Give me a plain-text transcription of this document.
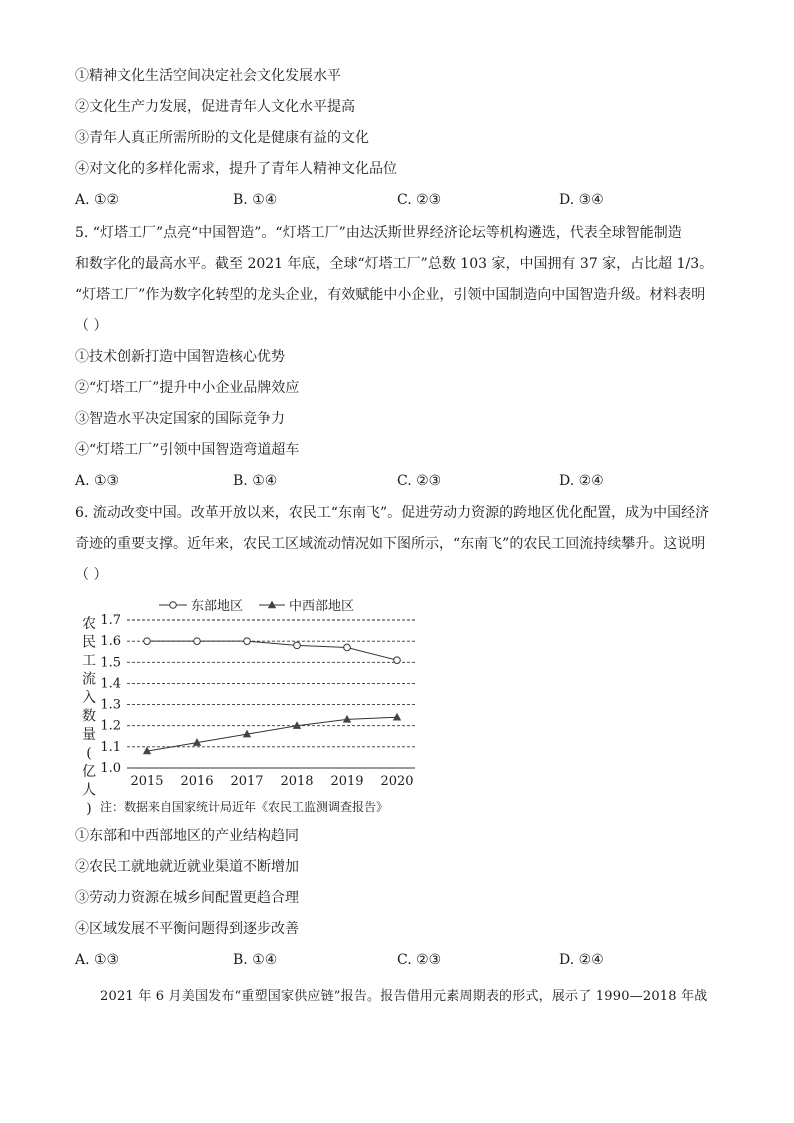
①精神文化生活空间决定社会文化发展水平
②文化生产力发展，促进青年人文化水平提高
③青年人真正所需所盼的文化是健康有益的文化
④对文化的多样化需求，提升了青年人精神文化品位
A. ①②	B. ①④	C. ②③	D. ③④
5. “灯塔工厂”点亮“中国智造”。“灯塔工厂”由达沃斯世界经济论坛等机构遴选，代表全球智能制造
和数字化的最高水平。截至 2021 年底，全球“灯塔工厂”总数 103 家，中国拥有 37 家，占比超 1/3。
“灯塔工厂”作为数字化转型的龙头企业，有效赋能中小企业，引领中国制造向中国智造升级。材料表明
（ ）
①技术创新打造中国智造核心优势
②“灯塔工厂”提升中小企业品牌效应
③智造水平决定国家的国际竞争力
④“灯塔工厂”引领中国智造弯道超车
A. ①③	B. ①④	C. ②③	D. ②④
6. 流动改变中国。改革开放以来，农民工“东南飞”。促进劳动力资源的跨地区优化配置，成为中国经济
奇迹的重要支撑。近年来，农民工区域流动情况如下图所示，“东南飞”的农民工回流持续攀升。这说明
（ ）
农民工流入数量(亿人)
1.0
1.1
1.2
1.3
1.4
1.5
1.6
1.7
2015 2016 2017 2018 2019 2020
东部地区	中西部地区
注：数据来自国家统计局近年《农民工监测调查报告》
①东部和中西部地区的产业结构趋同
②农民工就地就近就业渠道不断增加
③劳动力资源在城乡间配置更趋合理
④区域发展不平衡问题得到逐步改善
A. ①③	B. ①④	C. ②③	D. ②④
2021 年 6 月美国发布“重塑国家供应链”报告。报告借用元素周期表的形式，展示了 1990—2018 年战
